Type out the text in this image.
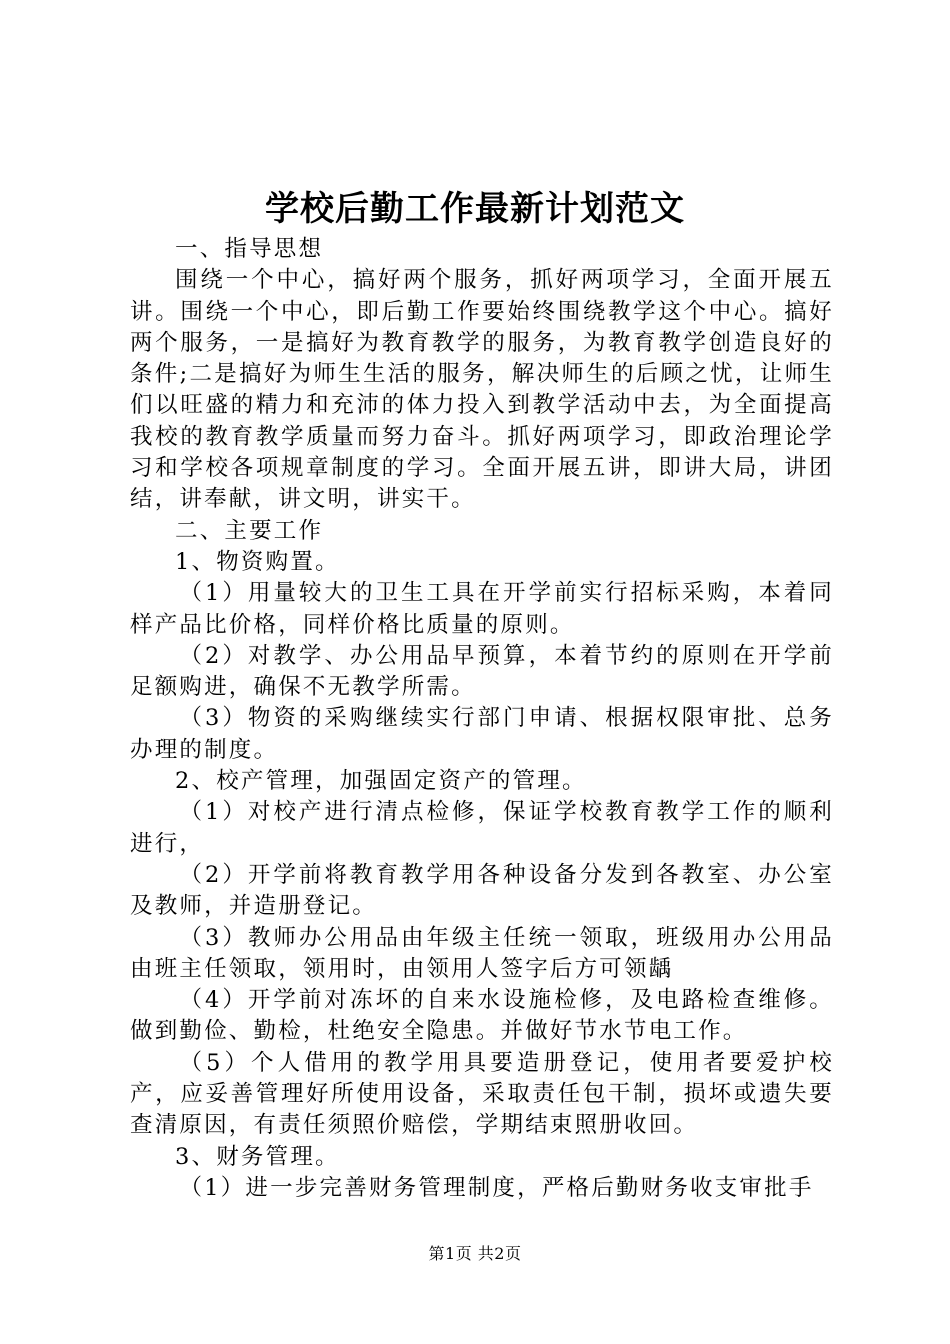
学校后勤工作最新计划范文

一、指导思想

围绕一个中心，搞好两个服务，抓好两项学习，全面开展五讲。围绕一个中心，即后勤工作要始终围绕教学这个中心。搞好两个服务，一是搞好为教育教学的服务，为教育教学创造良好的条件;二是搞好为师生生活的服务，解决师生的后顾之忧，让师生们以旺盛的精力和充沛的体力投入到教学活动中去，为全面提高我校的教育教学质量而努力奋斗。抓好两项学习，即政治理论学习和学校各项规章制度的学习。全面开展五讲，即讲大局，讲团结，讲奉献，讲文明，讲实干。

二、主要工作

1、物资购置。

（1）用量较大的卫生工具在开学前实行招标采购，本着同样产品比价格，同样价格比质量的原则。

（2）对教学、办公用品早预算，本着节约的原则在开学前足额购进，确保不无教学所需。

（3）物资的采购继续实行部门申请、根据权限审批、总务办理的制度。

2、校产管理，加强固定资产的管理。

（1）对校产进行清点检修，保证学校教育教学工作的顺利进行，

（2）开学前将教育教学用各种设备分发到各教室、办公室及教师，并造册登记。

（3）教师办公用品由年级主任统一领取，班级用办公用品由班主任领取，领用时，由领用人签字后方可领龋

（4）开学前对冻坏的自来水设施检修，及电路检查维修。做到勤俭、勤检，杜绝安全隐患。并做好节水节电工作。

（5）个人借用的教学用具要造册登记，使用者要爱护校产，应妥善管理好所使用设备，采取责任包干制，损坏或遗失要查清原因，有责任须照价赔偿，学期结束照册收回。

3、财务管理。

（1）进一步完善财务管理制度，严格后勤财务收支审批手

第1页 共2页
